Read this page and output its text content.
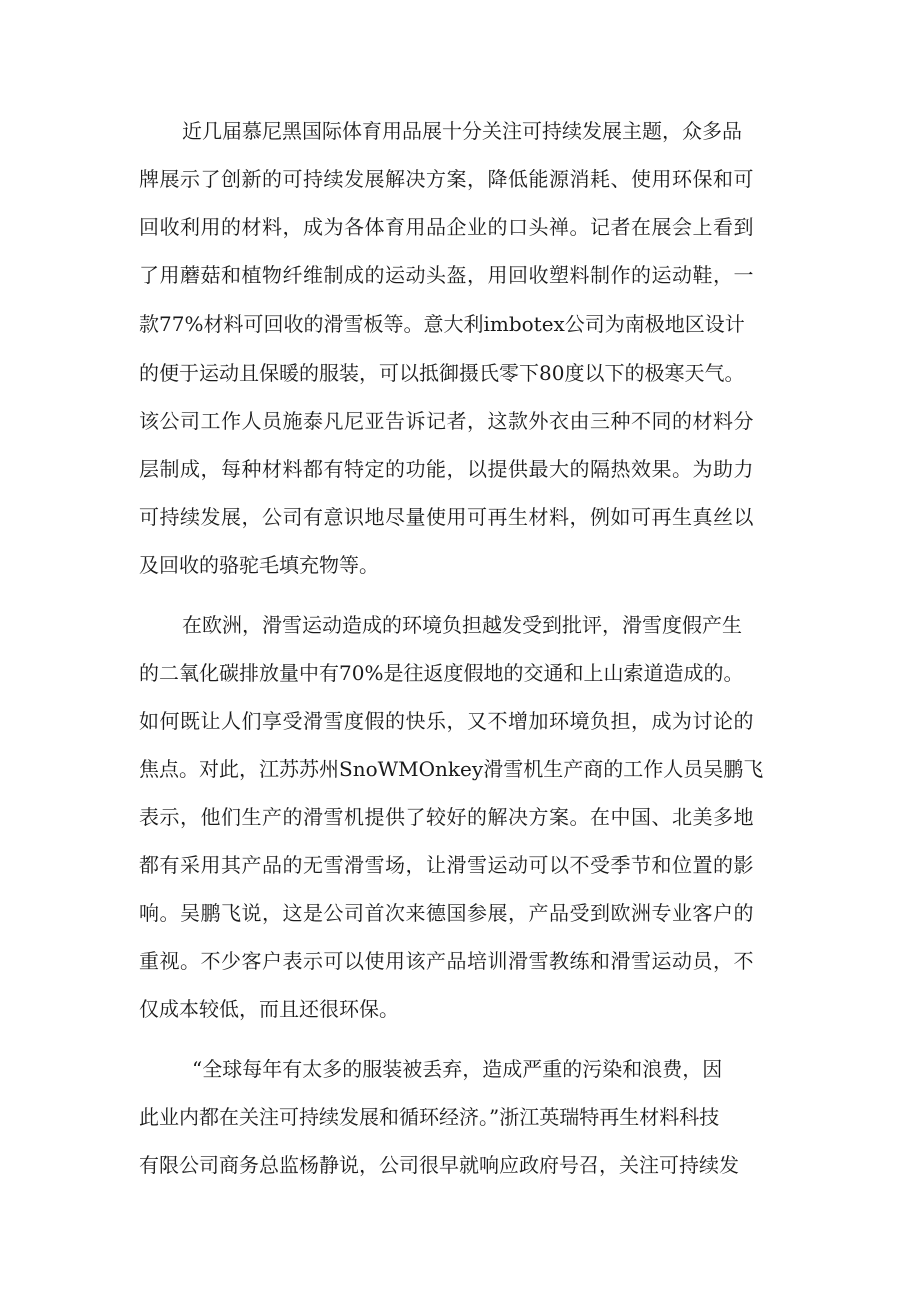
近几届慕尼黑国际体育用品展十分关注可持续发展主题，众多品
牌展示了创新的可持续发展解决方案，降低能源消耗、使用环保和可
回收利用的材料，成为各体育用品企业的口头禅。记者在展会上看到
了用蘑菇和植物纤维制成的运动头盔，用回收塑料制作的运动鞋，一
款77%材料可回收的滑雪板等。意大利imbotex公司为南极地区设计
的便于运动且保暖的服装，可以抵御摄氏零下80度以下的极寒天气。
该公司工作人员施泰凡尼亚告诉记者，这款外衣由三种不同的材料分
层制成，每种材料都有特定的功能，以提供最大的隔热效果。为助力
可持续发展，公司有意识地尽量使用可再生材料，例如可再生真丝以
及回收的骆驼毛填充物等。
在欧洲，滑雪运动造成的环境负担越发受到批评，滑雪度假产生
的二氧化碳排放量中有70%是往返度假地的交通和上山索道造成的。
如何既让人们享受滑雪度假的快乐，又不增加环境负担，成为讨论的
焦点。对此，江苏苏州SnoWMOnkey滑雪机生产商的工作人员吴鹏飞
表示，他们生产的滑雪机提供了较好的解决方案。在中国、北美多地
都有采用其产品的无雪滑雪场，让滑雪运动可以不受季节和位置的影
响。吴鹏飞说，这是公司首次来德国参展，产品受到欧洲专业客户的
重视。不少客户表示可以使用该产品培训滑雪教练和滑雪运动员，不
仅成本较低，而且还很环保。
“全球每年有太多的服装被丢弃，造成严重的污染和浪费，因
此业内都在关注可持续发展和循环经济。”浙江英瑞特再生材料科技
有限公司商务总监杨静说，公司很早就响应政府号召，关注可持续发
